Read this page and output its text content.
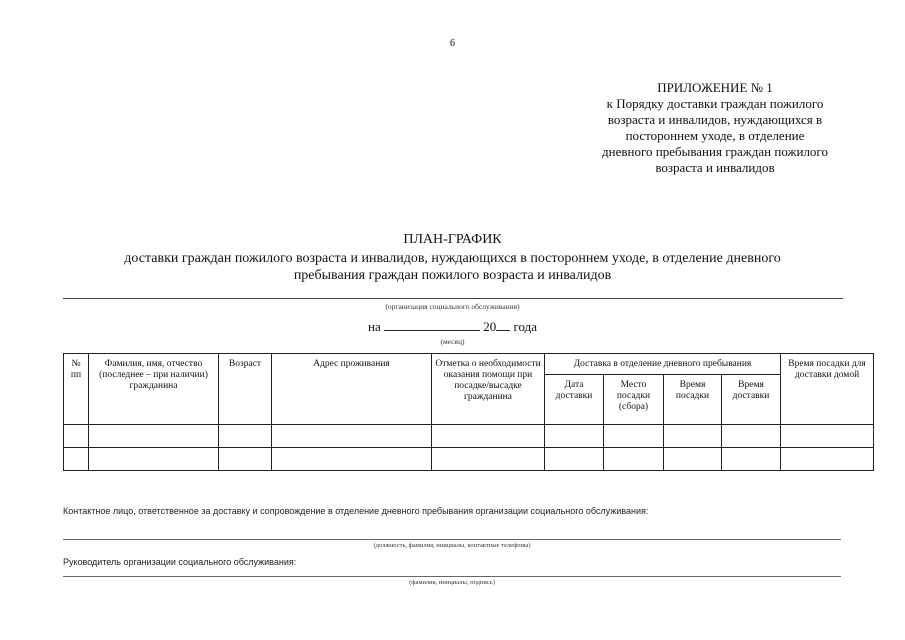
6
ПРИЛОЖЕНИЕ № 1
к Порядку доставки граждан пожилого
возраста и инвалидов, нуждающихся в
постороннем уходе, в отделение
дневного пребывания граждан пожилого
возраста и инвалидов
ПЛАН-ГРАФИК
доставки граждан пожилого возраста и инвалидов, нуждающихся в постороннем уходе, в отделение дневного
пребывания граждан пожилого возраста и инвалидов
(организация социального обслуживания)
на	20 года
(месяц)
№ пп	Фамилия, имя, отчество (последнее – при наличии) гражданина	Возраст	Адрес проживания	Отметка о необходимости оказания помощи при посадке/высадке гражданина	Доставка в отделение дневного пребывания				Время посадки для доставки домой
					Дата доставки	Место посадки (сбора)	Время посадки	Время доставки	

Контактное лицо, ответственное за доставку и сопровождение в отделение дневного пребывания организации социального обслуживания:
(должность, фамилия, инициалы, контактные телефоны)
Руководитель организации социального обслуживания:
(фамилия, инициалы, подпись)
